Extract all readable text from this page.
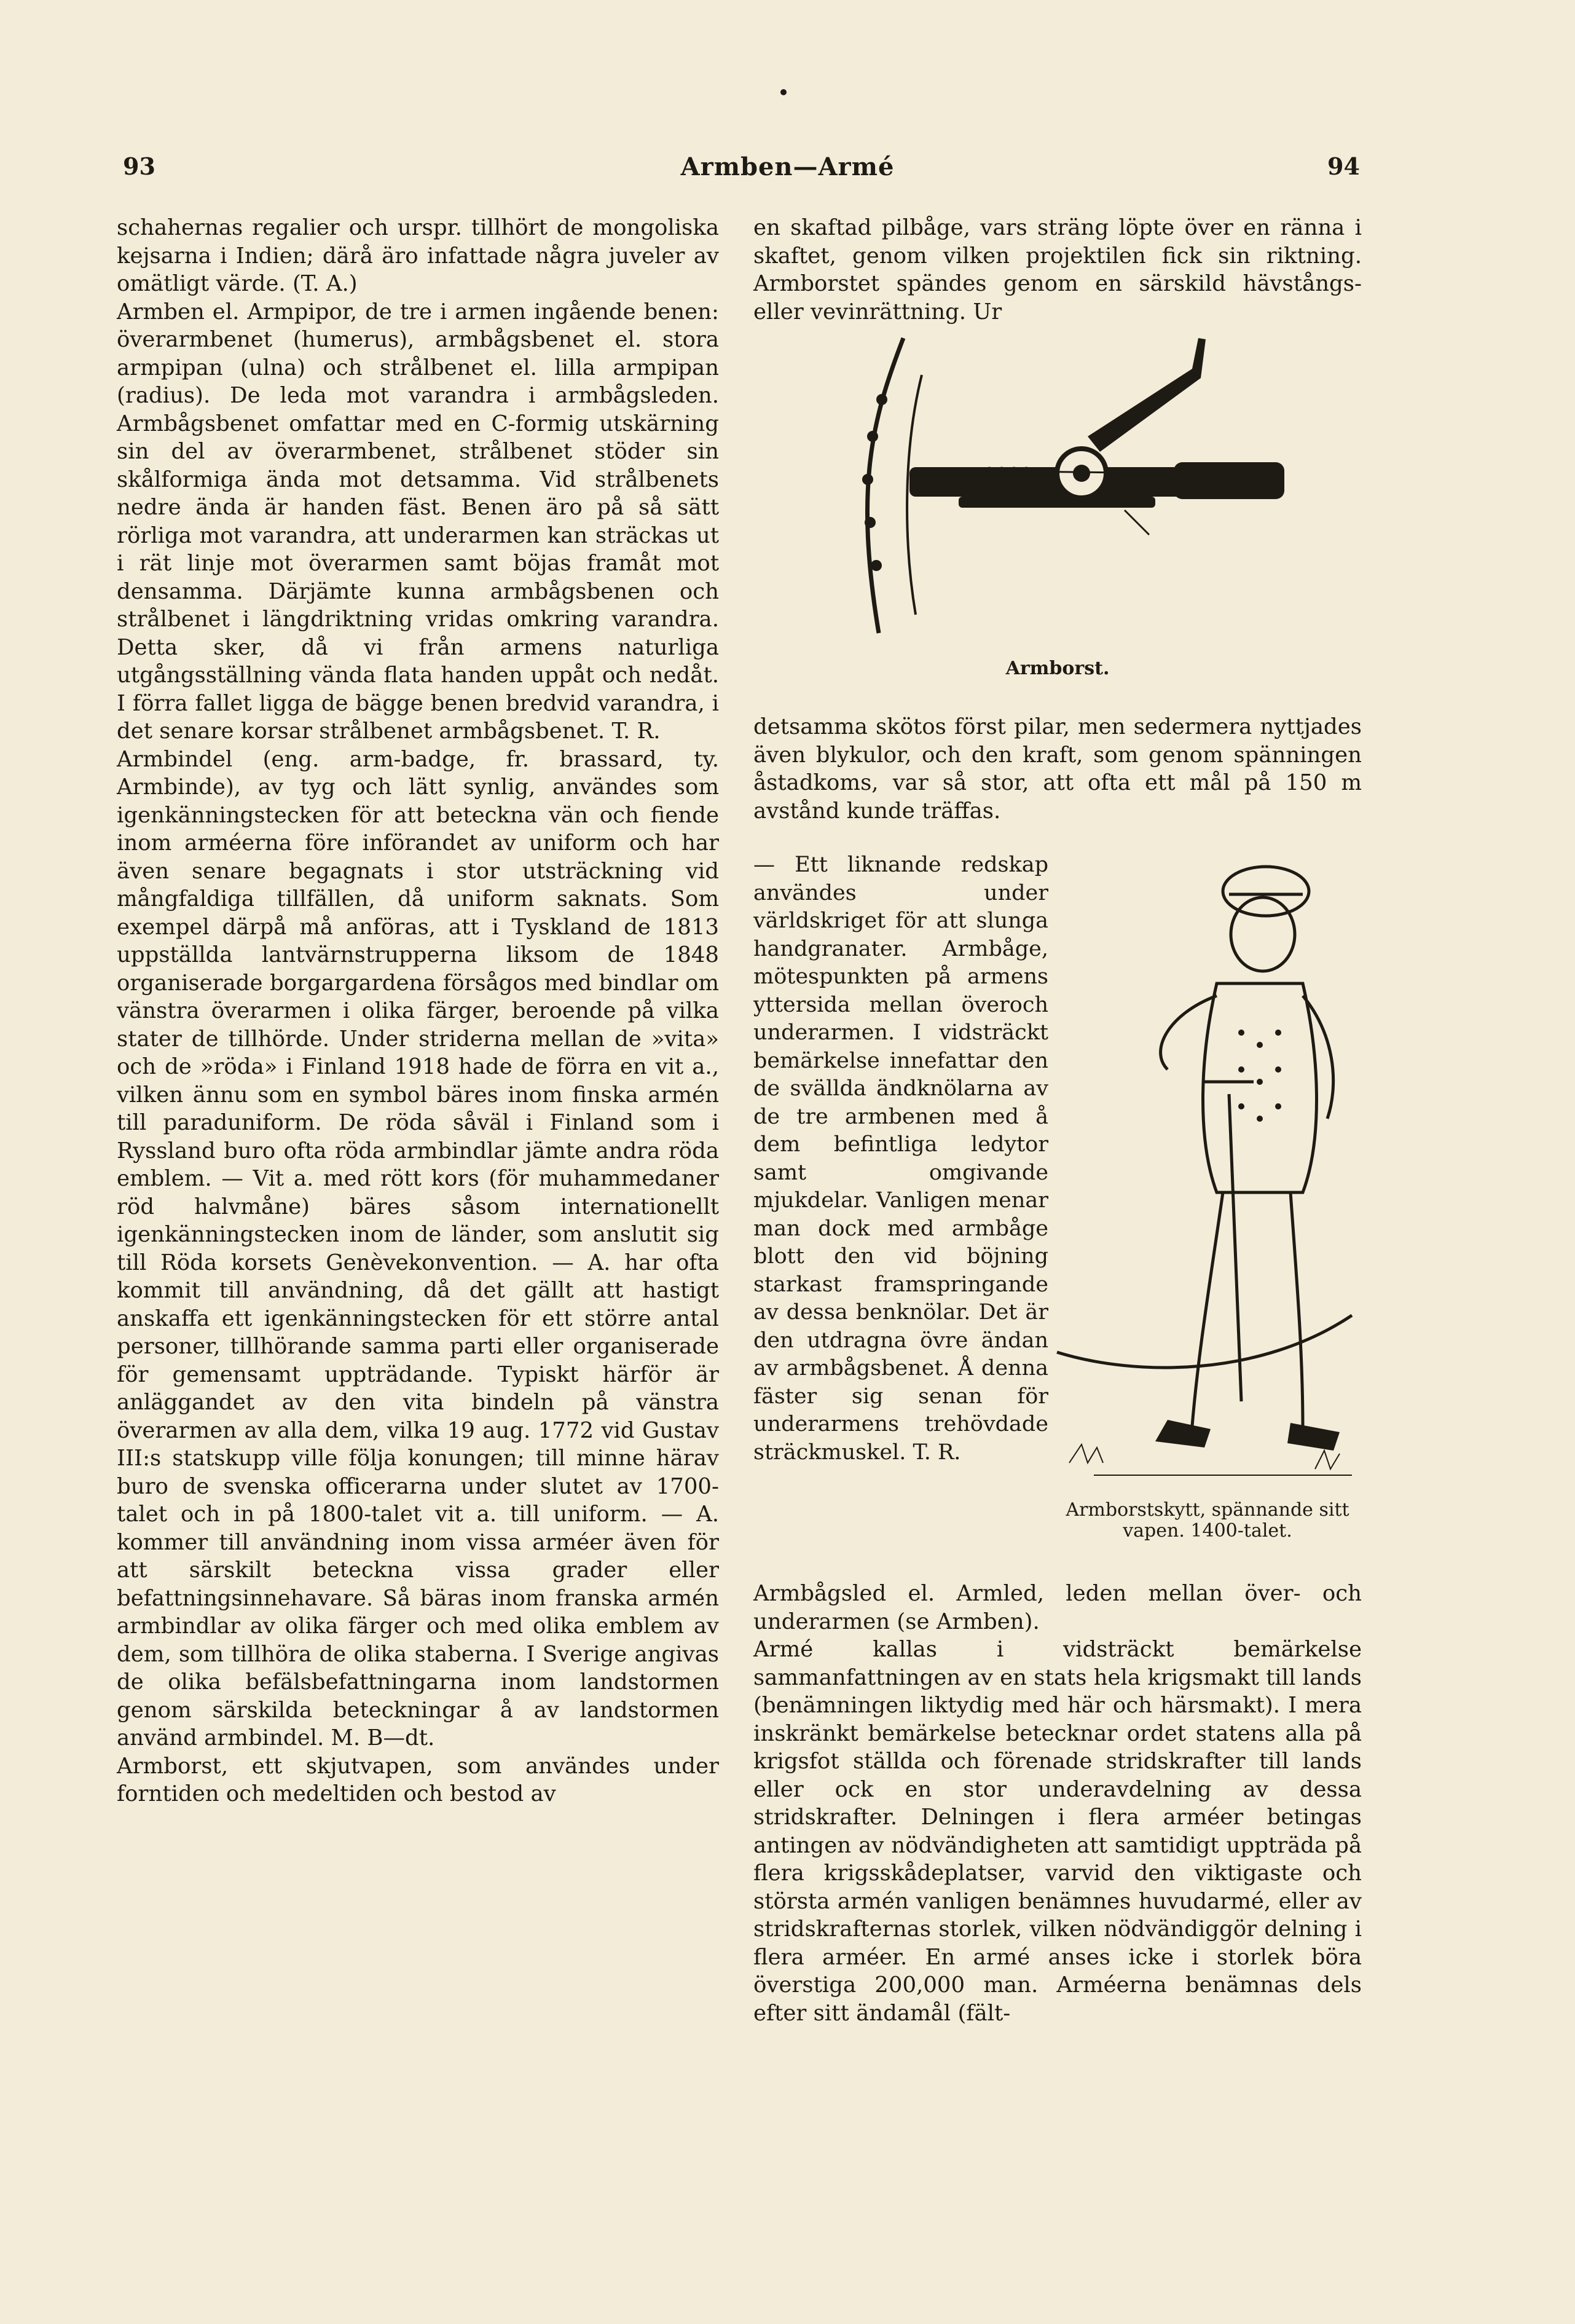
93	Armben—Armé	94

schahernas regalier och urspr. tillhört de mongoliska kejsarna i Indien; därå äro infattade några juveler av omätligt värde. (T. A.)

Armben el. Armpipor, de tre i armen ingående benen: överarmbenet (humerus), armbågsbenet el. stora armpipan (ulna) och strålbenet el. lilla armpipan (radius). De leda mot varandra i armbågsleden. Armbågsbenet omfattar med en C-formig utskärning sin del av överarmbenet, strålbenet stöder sin skålformiga ända mot detsamma. Vid strålbenets nedre ända är handen fäst. Benen äro på så sätt rörliga mot varandra, att underarmen kan sträckas ut i rät linje mot överarmen samt böjas framåt mot densamma. Därjämte kunna armbågsbenen och strålbenet i längdriktning vridas omkring varandra. Detta sker, då vi från armens naturliga utgångsställning vända flata handen uppåt och nedåt. I förra fallet ligga de bägge benen bredvid varandra, i det senare korsar strålbenet armbågsbenet. T. R.

Armbindel (eng. arm-badge, fr. brassard, ty. Armbinde), av tyg och lätt synlig, användes som igenkänningstecken för att beteckna vän och fiende inom arméerna före införandet av uniform och har även senare begagnats i stor utsträckning vid mångfaldiga tillfällen, då uniform saknats. Som exempel därpå må anföras, att i Tyskland de 1813 uppställda lantvärnstrupperna liksom de 1848 organiserade borgargardena försågos med bindlar om vänstra överarmen i olika färger, beroende på vilka stater de tillhörde. Under striderna mellan de »vita» och de »röda» i Finland 1918 hade de förra en vit a., vilken ännu som en symbol bäres inom finska armén till paraduniform. De röda såväl i Finland som i Ryssland buro ofta röda armbindlar jämte andra röda emblem. — Vit a. med rött kors (för muhammedaner röd halvmåne) bäres såsom internationellt igenkänningstecken inom de länder, som anslutit sig till Röda korsets Genèvekonvention. — A. har ofta kommit till användning, då det gällt att hastigt anskaffa ett igenkänningstecken för ett större antal personer, tillhörande samma parti eller organiserade för gemensamt uppträdande. Typiskt härför är anläggandet av den vita bindeln på vänstra överarmen av alla dem, vilka 19 aug. 1772 vid Gustav III:s statskupp ville följa konungen; till minne härav buro de svenska officerarna under slutet av 1700-talet och in på 1800-talet vit a. till uniform. — A. kommer till användning inom vissa arméer även för att särskilt beteckna vissa grader eller befattningsinnehavare. Så bäras inom franska armén armbindlar av olika färger och med olika emblem av dem, som tillhöra de olika staberna. I Sverige angivas de olika befälsbefattningarna inom landstormen genom särskilda beteckningar å av landstormen använd armbindel. M. B—dt.

Armborst, ett skjutvapen, som användes under forntiden och medeltiden och bestod av

en skaftad pilbåge, vars sträng löpte över en ränna i skaftet, genom vilken projektilen fick sin riktning. Armborstet spändes genom en särskild hävstångs- eller vevinrättning. Ur

Armborst.

detsamma skötos först pilar, men sedermera nyttjades även blykulor, och den kraft, som genom spänningen åstadkoms, var så stor, att ofta ett mål på 150 m avstånd kunde träffas.

— Ett liknande redskap användes under världskriget för att slunga handgranater. Armbåge, mötespunkten på armens yttersida mellan överoch underarmen. I vidsträckt bemärkelse innefattar den de svällda ändknölarna av de tre armbenen med å dem befintliga ledytor samt omgivande mjukdelar. Vanligen menar man dock med armbåge blott den vid böjning starkast framspringande av dessa benknölar. Det är den utdragna övre ändan av armbågsbenet. Å denna fäster sig senan för underarmens trehövdade sträckmuskel. T. R.

Armborstskytt, spännande sitt vapen. 1400-talet.

Armbågsled el. Armled, leden mellan över- och underarmen (se Armben).

Armé kallas i vidsträckt bemärkelse sammanfattningen av en stats hela krigsmakt till lands (benämningen liktydig med här och härsmakt). I mera inskränkt bemärkelse betecknar ordet statens alla på krigsfot ställda och förenade stridskrafter till lands eller ock en stor underavdelning av dessa stridskrafter. Delningen i flera arméer betingas antingen av nödvändigheten att samtidigt uppträda på flera krigsskådeplatser, varvid den viktigaste och största armén vanligen benämnes huvudarmé, eller av stridskrafternas storlek, vilken nödvändiggör delning i flera arméer. En armé anses icke i storlek böra överstiga 200,000 man. Arméerna benämnas dels efter sitt ändamål (fält-
